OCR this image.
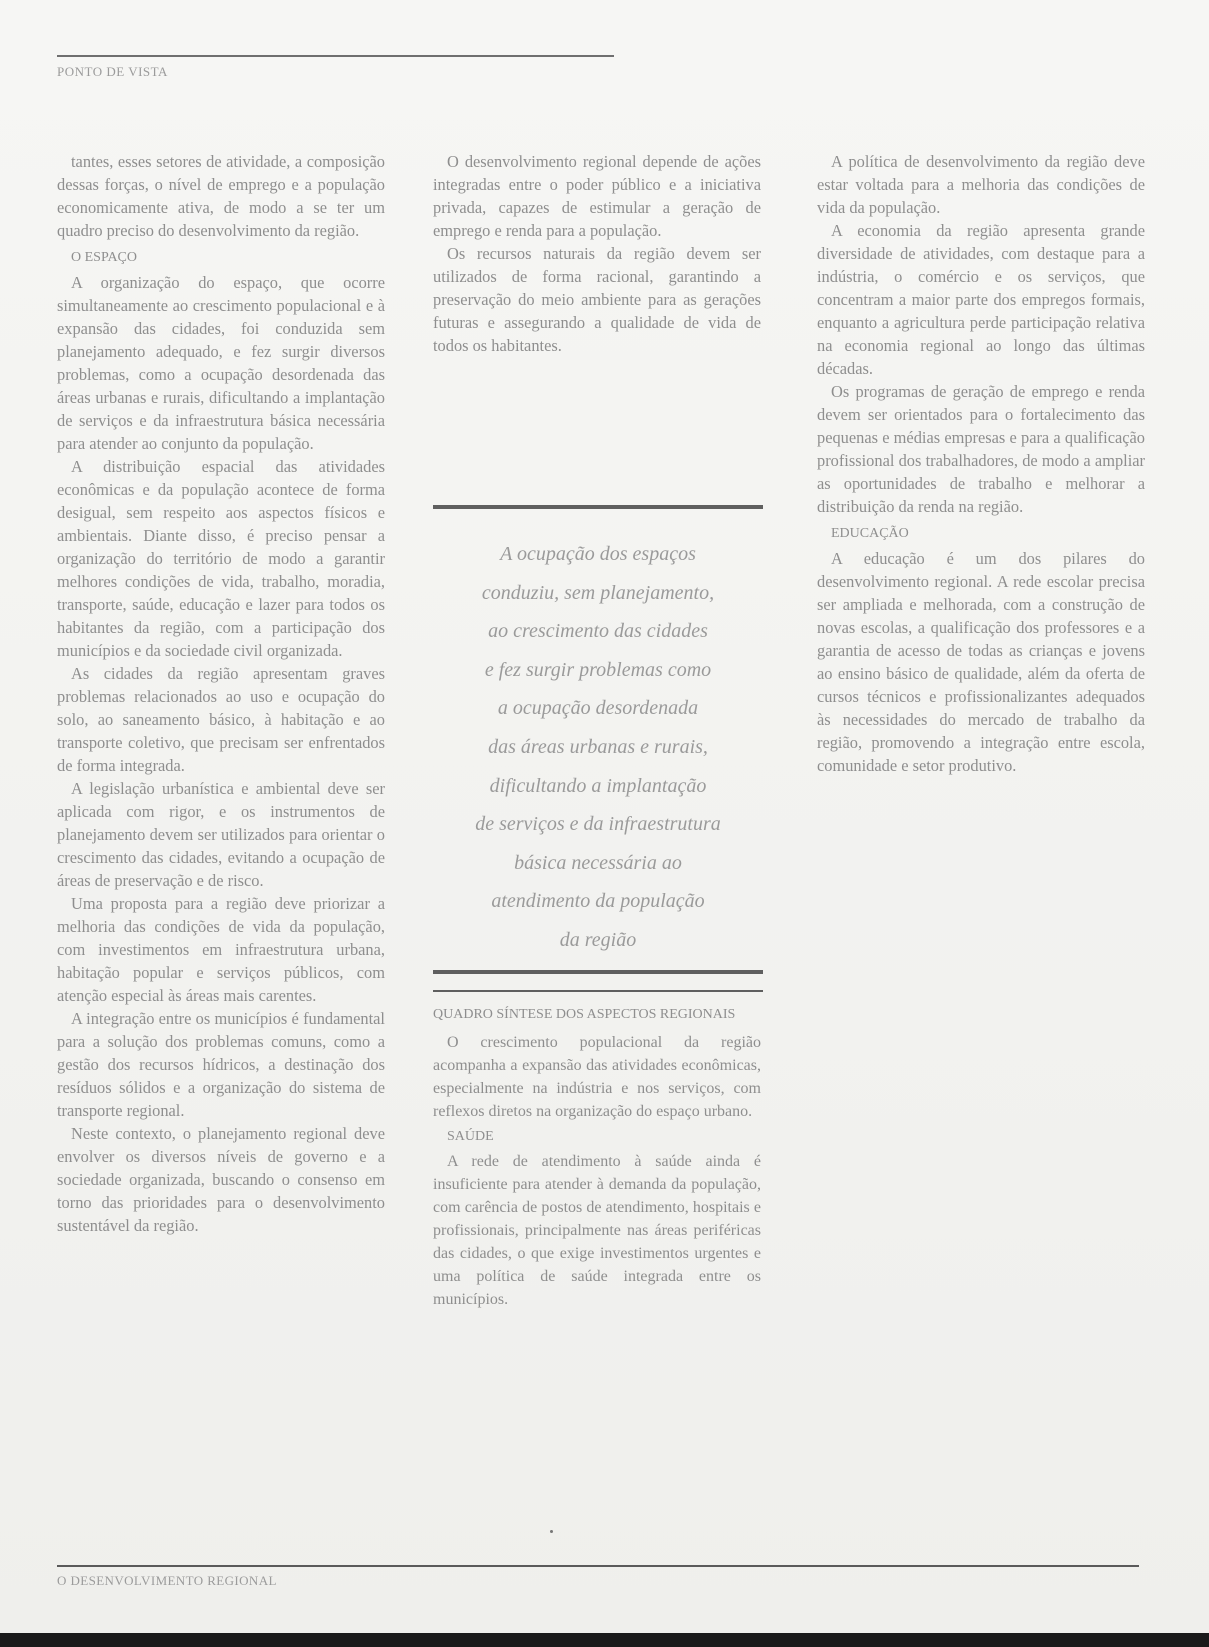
PONTO DE VISTA

tantes, esses setores de atividade, a composição dessas forças, o nível de emprego e a população economicamente ativa, de modo a se ter um quadro preciso do desenvolvimento da região.

O ESPAÇO

A organização do espaço, que ocorre simultaneamente ao crescimento populacional e à expansão das cidades, foi conduzida sem planejamento adequado, e fez surgir diversos problemas, como a ocupação desordenada das áreas urbanas e rurais, dificultando a implantação de serviços e da infraestrutura básica necessária para atender ao conjunto da população.

A distribuição espacial das atividades econômicas e da população acontece de forma desigual, sem respeito aos aspectos físicos e ambientais. Diante disso, é preciso pensar a organização do território de modo a garantir melhores condições de vida, trabalho, moradia, transporte, saúde, educação e lazer para todos os habitantes da região, com a participação dos municípios e da sociedade civil organizada.

As cidades da região apresentam graves problemas relacionados ao uso e ocupação do solo, ao saneamento básico, à habitação e ao transporte coletivo, que precisam ser enfrentados de forma integrada.

A legislação urbanística e ambiental deve ser aplicada com rigor, e os instrumentos de planejamento devem ser utilizados para orientar o crescimento das cidades, evitando a ocupação de áreas de preservação e de risco.

Uma proposta para a região deve priorizar a melhoria das condições de vida da população, com investimentos em infraestrutura urbana, habitação popular e serviços públicos, com atenção especial às áreas mais carentes.

A integração entre os municípios é fundamental para a solução dos problemas comuns, como a gestão dos recursos hídricos, a destinação dos resíduos sólidos e a organização do sistema de transporte regional.

Neste contexto, o planejamento regional deve envolver os diversos níveis de governo e a sociedade organizada, buscando o consenso em torno das prioridades para o desenvolvimento sustentável da região.

O desenvolvimento regional depende de ações integradas entre o poder público e a iniciativa privada, capazes de estimular a geração de emprego e renda para a população.

Os recursos naturais da região devem ser utilizados de forma racional, garantindo a preservação do meio ambiente para as gerações futuras e assegurando a qualidade de vida de todos os habitantes.

A ocupação dos espaços
conduziu, sem planejamento,
ao crescimento das cidades
e fez surgir problemas como
a ocupação desordenada
das áreas urbanas e rurais,
dificultando a implantação
de serviços e da infraestrutura
básica necessária ao
atendimento da população
da região
QUADRO SÍNTESE DOS ASPECTOS REGIONAIS

O crescimento populacional da região acompanha a expansão das atividades econômicas, especialmente na indústria e nos serviços, com reflexos diretos na organização do espaço urbano.

SAÚDE

A rede de atendimento à saúde ainda é insuficiente para atender à demanda da população, com carência de postos de atendimento, hospitais e profissionais, principalmente nas áreas periféricas das cidades, o que exige investimentos urgentes e uma política de saúde integrada entre os municípios.

A política de desenvolvimento da região deve estar voltada para a melhoria das condições de vida da população.

A economia da região apresenta grande diversidade de atividades, com destaque para a indústria, o comércio e os serviços, que concentram a maior parte dos empregos formais, enquanto a agricultura perde participação relativa na economia regional ao longo das últimas décadas.

Os programas de geração de emprego e renda devem ser orientados para o fortalecimento das pequenas e médias empresas e para a qualificação profissional dos trabalhadores, de modo a ampliar as oportunidades de trabalho e melhorar a distribuição da renda na região.

EDUCAÇÃO

A educação é um dos pilares do desenvolvimento regional. A rede escolar precisa ser ampliada e melhorada, com a construção de novas escolas, a qualificação dos professores e a garantia de acesso de todas as crianças e jovens ao ensino básico de qualidade, além da oferta de cursos técnicos e profissionalizantes adequados às necessidades do mercado de trabalho da região, promovendo a integração entre escola, comunidade e setor produtivo.

O DESENVOLVIMENTO REGIONAL
